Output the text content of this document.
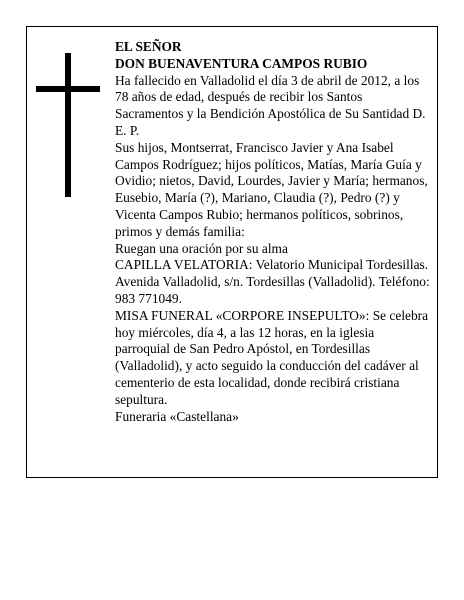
EL SEÑOR

DON BUENAVENTURA CAMPOS RUBIO

Ha fallecido en Valladolid el día 3 de abril de 2012, a los 78 años de edad, después de recibir los Santos Sacramentos y la Bendición Apostólica de Su Santidad D. E. P.

Sus hijos, Montserrat, Francisco Javier y Ana Isabel Campos Rodríguez; hijos políticos, Matías, María Guía y Ovidio; nietos, David, Lourdes, Javier y María; hermanos, Eusebio, María (?), Mariano, Claudia (?), Pedro (?) y Vicenta Campos Rubio; hermanos políticos, sobrinos, primos y demás familia:

Ruegan una oración por su alma

CAPILLA VELATORIA: Velatorio Municipal Tordesillas. Avenida Valladolid, s/n. Tordesillas (Valladolid). Teléfono: 983 771049.

MISA FUNERAL «CORPORE INSEPULTO»: Se celebra hoy miércoles, día 4, a las 12 horas, en la iglesia parroquial de San Pedro Apóstol, en Tordesillas (Valladolid), y acto seguido la conducción del cadáver al cementerio de esta localidad, donde recibirá cristiana sepultura.

Funeraria «Castellana»
